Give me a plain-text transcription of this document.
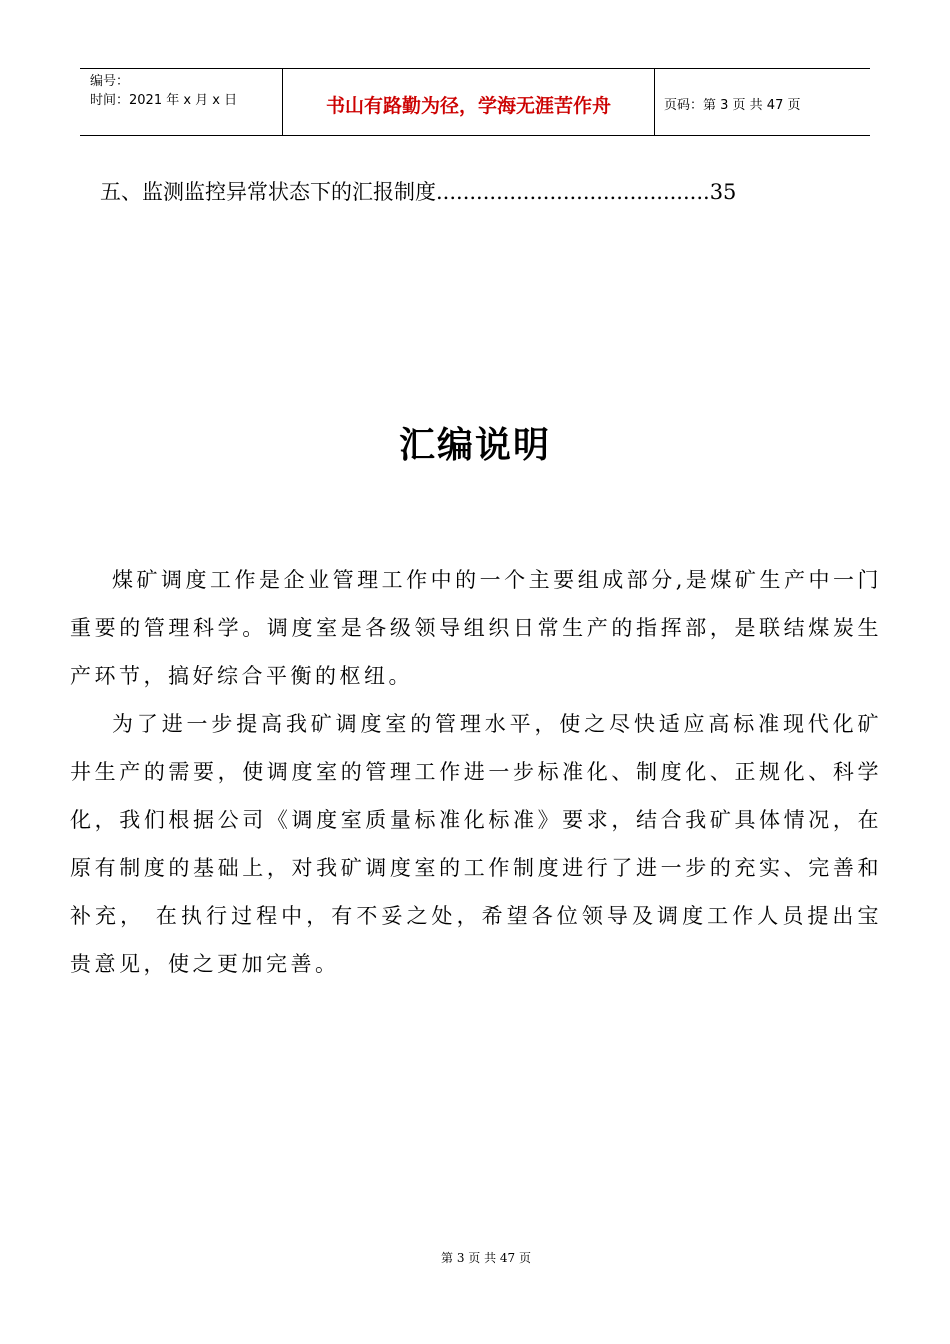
编号：
时间：2021 年 x 月 x 日	书山有路勤为径，学海无涯苦作舟	页码：第 3 页 共 47 页
五、监测监控异常状态下的汇报制度.........................................35
汇编说明

煤矿调度工作是企业管理工作中的一个主要组成部分,是煤矿生产中一门重要的管理科学。调度室是各级领导组织日常生产的指挥部，是联结煤炭生产环节，搞好综合平衡的枢纽。

为了进一步提高我矿调度室的管理水平，使之尽快适应高标准现代化矿井生产的需要，使调度室的管理工作进一步标准化、制度化、正规化、科学化，我们根据公司《调度室质量标准化标准》要求，结合我矿具体情况，在原有制度的基础上，对我矿调度室的工作制度进行了进一步的充实、完善和补充， 在执行过程中，有不妥之处，希望各位领导及调度工作人员提出宝贵意见，使之更加完善。

第 3 页 共 47 页
